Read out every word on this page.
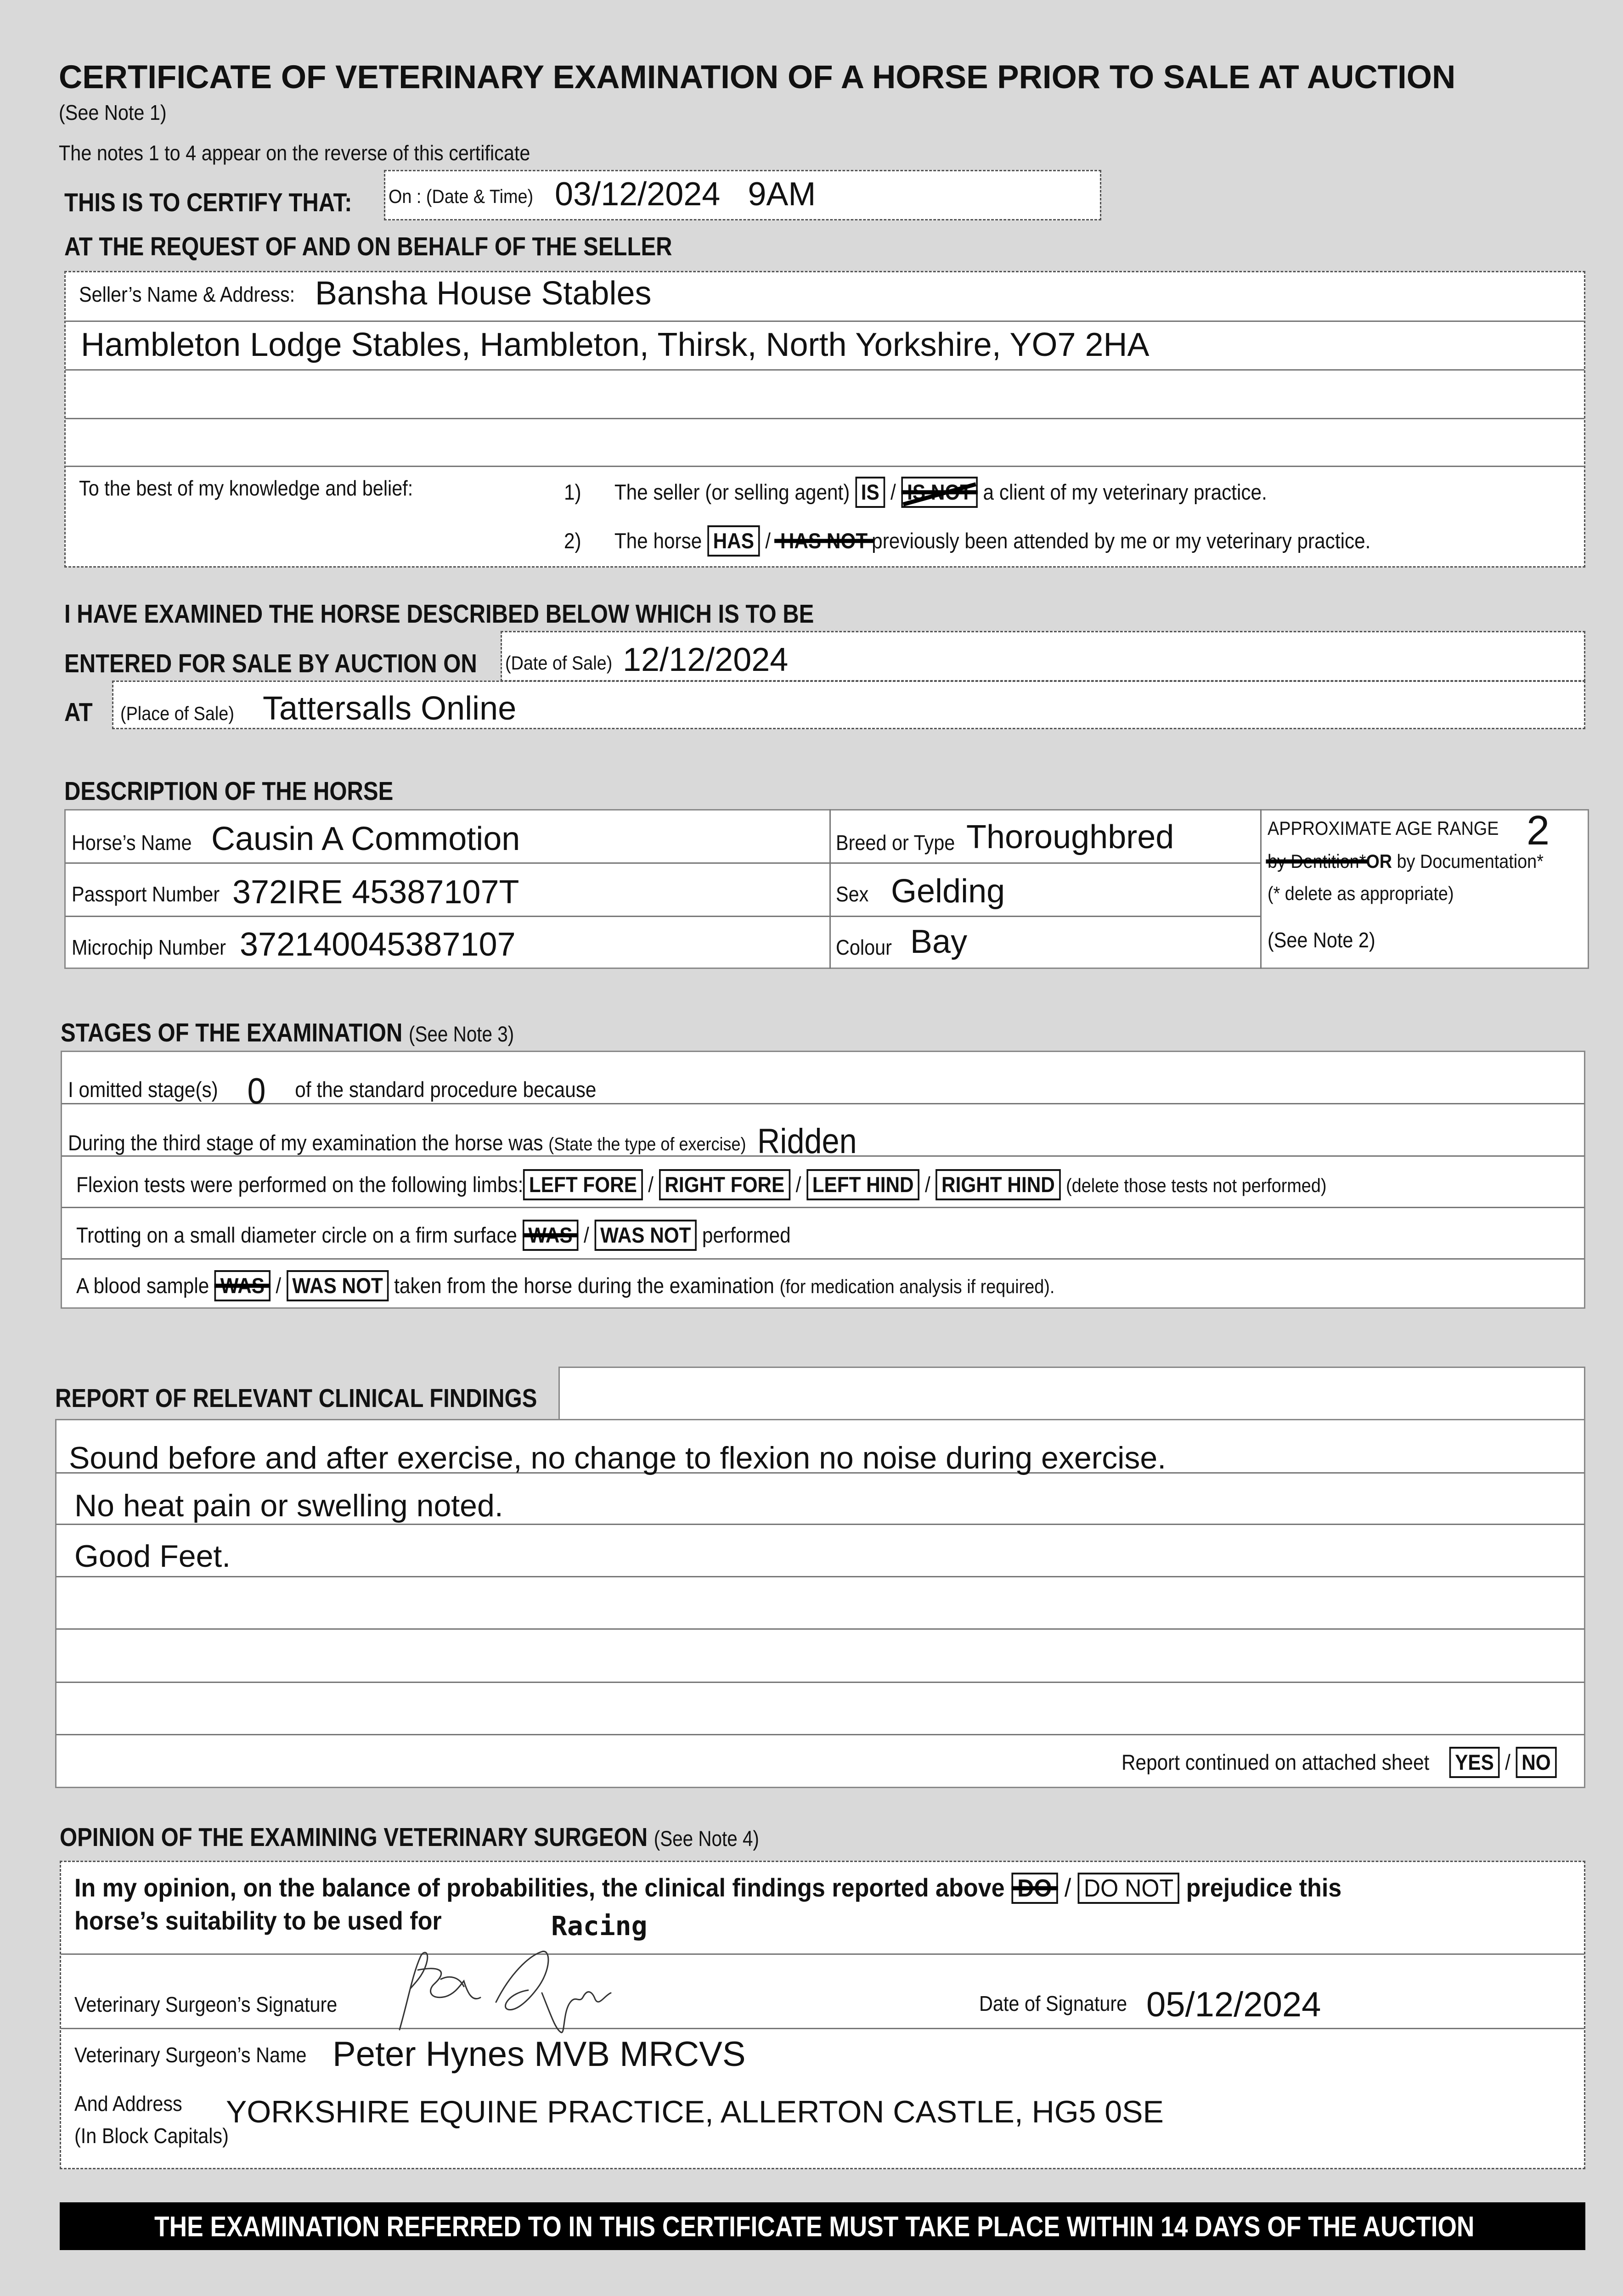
CERTIFICATE OF VETERINARY EXAMINATION OF A HORSE PRIOR TO SALE AT AUCTION
(See Note 1)
The notes 1 to 4 appear on the reverse of this certificate
THIS IS TO CERTIFY THAT: On : (Date & Time) 03/12/2024   9AM
AT THE REQUEST OF AND ON BEHALF OF THE SELLER
Seller’s Name & Address: Bansha House Stables
Hambleton Lodge Stables, Hambleton, Thirsk, North Yorkshire, YO7 2HA
To the best of my knowledge and belief:	1) The seller (or selling agent) IS / IS NOT a client of my veterinary practice.
2) The horse HAS / HAS NOT previously been attended by me or my veterinary practice.
I HAVE EXAMINED THE HORSE DESCRIBED BELOW WHICH IS TO BE
ENTERED FOR SALE BY AUCTION ON (Date of Sale) 12/12/2024
AT (Place of Sale) Tattersalls Online
DESCRIPTION OF THE HORSE
Horse’s Name Causin A Commotion	Breed or Type Thoroughbred
Passport Number 372IRE 45387107T	Sex Gelding
Microchip Number 372140045387107	Colour Bay
APPROXIMATE AGE RANGE 2
by Dentition*OR by Documentation*
(* delete as appropriate)
(See Note 2)
STAGES OF THE EXAMINATION (See Note 3)
I omitted stage(s) 0 of the standard procedure because
During the third stage of my examination the horse was (State the type of exercise) Ridden
Flexion tests were performed on the following limbs: LEFT FORE / RIGHT FORE / LEFT HIND / RIGHT HIND (delete those tests not performed)
Trotting on a small diameter circle on a firm surface WAS / WAS NOT performed
A blood sample WAS / WAS NOT taken from the horse during the examination (for medication analysis if required).
REPORT OF RELEVANT CLINICAL FINDINGS
Sound before and after exercise, no change to flexion no noise during exercise.
No heat pain or swelling noted.
Good Feet.
Report continued on attached sheet YES / NO
OPINION OF THE EXAMINING VETERINARY SURGEON (See Note 4)
In my opinion, on the balance of probabilities, the clinical findings reported above DO / DO NOT prejudice this
horse’s suitability to be used for	Racing
Veterinary Surgeon’s Signature	Date of Signature 05/12/2024
Veterinary Surgeon’s Name Peter Hynes MVB MRCVS
And Address
(In Block Capitals)
YORKSHIRE EQUINE PRACTICE, ALLERTON CASTLE, HG5 0SE
THE EXAMINATION REFERRED TO IN THIS CERTIFICATE MUST TAKE PLACE WITHIN 14 DAYS OF THE AUCTION
